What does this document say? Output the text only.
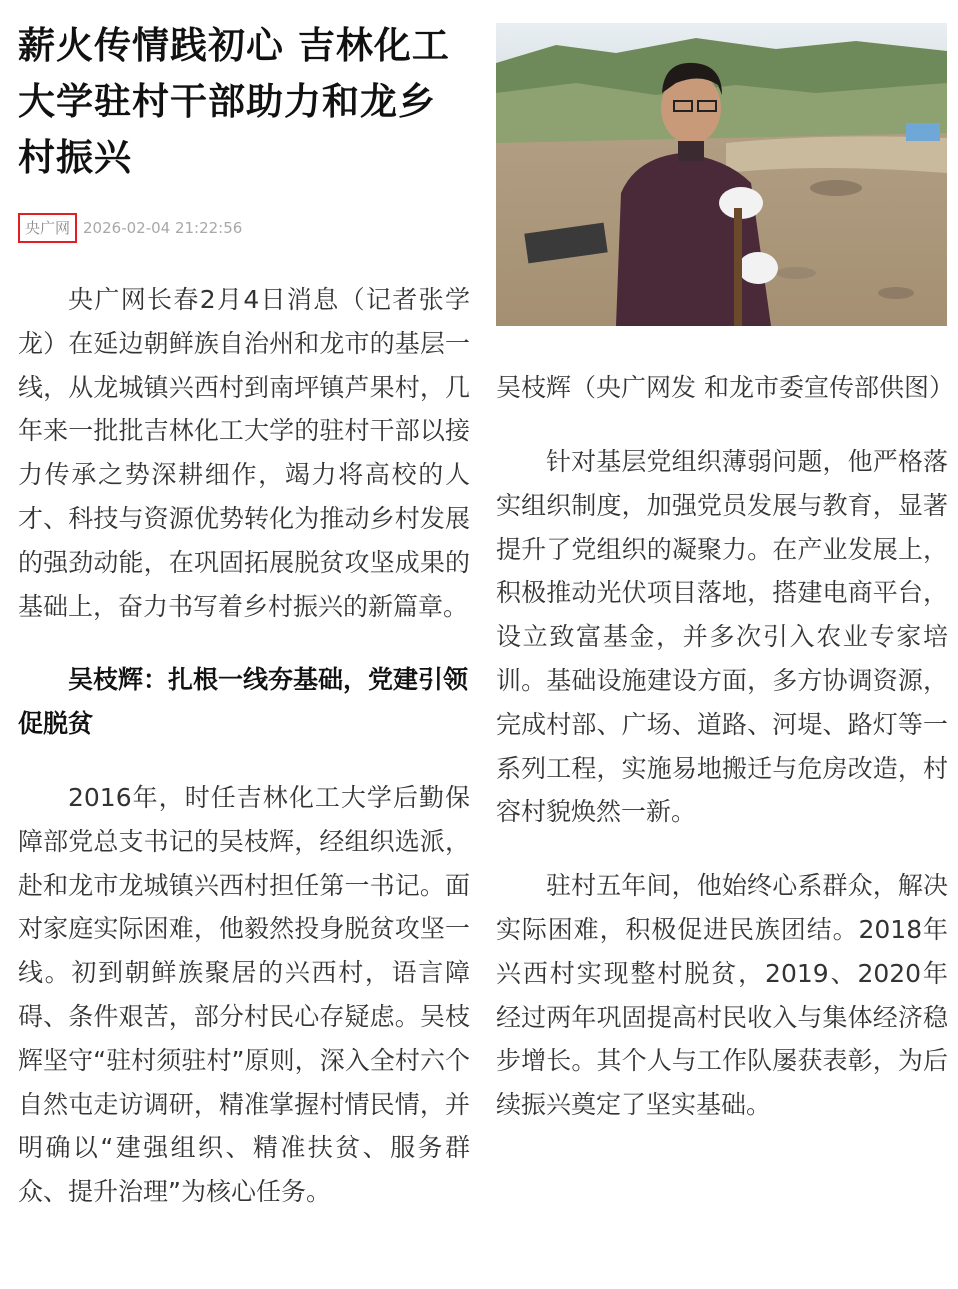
薪火传情践初心 吉林化工大学驻村干部助力和龙乡村振兴
央广网 2026-02-04 21:22:56

央广网长春2月4日消息（记者张学龙）在延边朝鲜族自治州和龙市的基层一线，从龙城镇兴西村到南坪镇芦果村，几年来一批批吉林化工大学的驻村干部以接力传承之势深耕细作，竭力将高校的人才、科技与资源优势转化为推动乡村发展的强劲动能，在巩固拓展脱贫攻坚成果的基础上，奋力书写着乡村振兴的新篇章。

吴枝辉：扎根一线夯基础，党建引领促脱贫

2016年，时任吉林化工大学后勤保障部党总支书记的吴枝辉，经组织选派，赴和龙市龙城镇兴西村担任第一书记。面对家庭实际困难，他毅然投身脱贫攻坚一线。初到朝鲜族聚居的兴西村，语言障碍、条件艰苦，部分村民心存疑虑。吴枝辉坚守“驻村须驻村”原则，深入全村六个自然屯走访调研，精准掌握村情民情，并明确以“建强组织、精准扶贫、服务群众、提升治理”为核心任务。

吴枝辉（央广网发 和龙市委宣传部供图）

针对基层党组织薄弱问题，他严格落实组织制度，加强党员发展与教育，显著提升了党组织的凝聚力。在产业发展上，积极推动光伏项目落地，搭建电商平台，设立致富基金，并多次引入农业专家培训。基础设施建设方面，多方协调资源，完成村部、广场、道路、河堤、路灯等一系列工程，实施易地搬迁与危房改造，村容村貌焕然一新。

驻村五年间，他始终心系群众，解决实际困难，积极促进民族团结。2018年兴西村实现整村脱贫，2019、2020年经过两年巩固提高村民收入与集体经济稳步增长。其个人与工作队屡获表彰，为后续振兴奠定了坚实基础。
